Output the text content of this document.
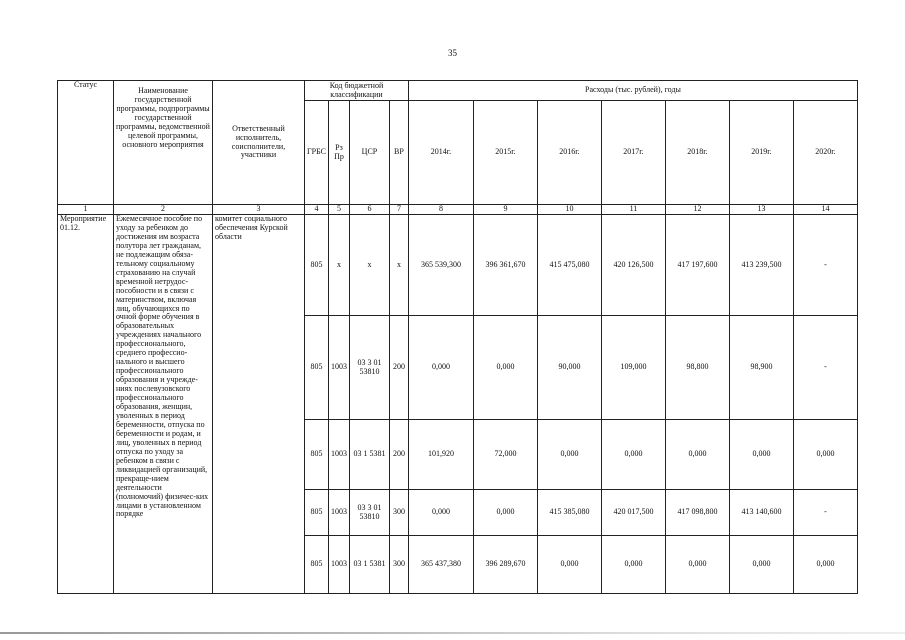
35
Статус	Наименование государственной программы, подпрограммы государственной программы, ведомственной целевой программы, основного мероприятия	Ответственный исполнитель, соисполнители, участники	Код бюджетной классификации				Расходы (тыс. рублей), годы						
			ГРБС	Рз Пр	ЦСР	ВР	2014г.	2015г.	2016г.	2017г.	2018г.	2019г.	2020г.
1	2	3	4	5	6	7	8	9	10	11	12	13	14
Мероприятие 01.12.	Ежемесячное пособие по уходу за ребенком до достижения им возраста полутора лет гражданам, не подлежащим обяза-тельному социальному страхованию на случай временной нетрудос-пособности и в связи с материнством, включая лиц, обучающихся по очной форме обучения в образовательных учреждениях начального профессионального, среднего профессио-нального и высшего профессионального образования и учрежде-ниях послевузовского профессионального образования, женщин, уволенных в период беременности, отпуска по беременности и родам, и лиц, уволенных в период отпуска по уходу за ребенком в связи с ликвидацией организаций, прекраще-нием деятельности (полномочий) физичес-ких лицами в установленном порядке	комитет социального обеспечения Курской области	805	х	х	х	365 539,300	396 361,670	415 475,080	420 126,500	417 197,600	413 239,500	-
			805	1003	03 3 01 53810	200	0,000	0,000	90,000	109,000	98,800	98,900	-
			805	1003	03 1 5381	200	101,920	72,000	0,000	0,000	0,000	0,000	0,000
			805	1003	03 3 01 53810	300	0,000	0,000	415 385,080	420 017,500	417 098,800	413 140,600	-
			805	1003	03 1 5381	300	365 437,380	396 289,670	0,000	0,000	0,000	0,000	0,000
